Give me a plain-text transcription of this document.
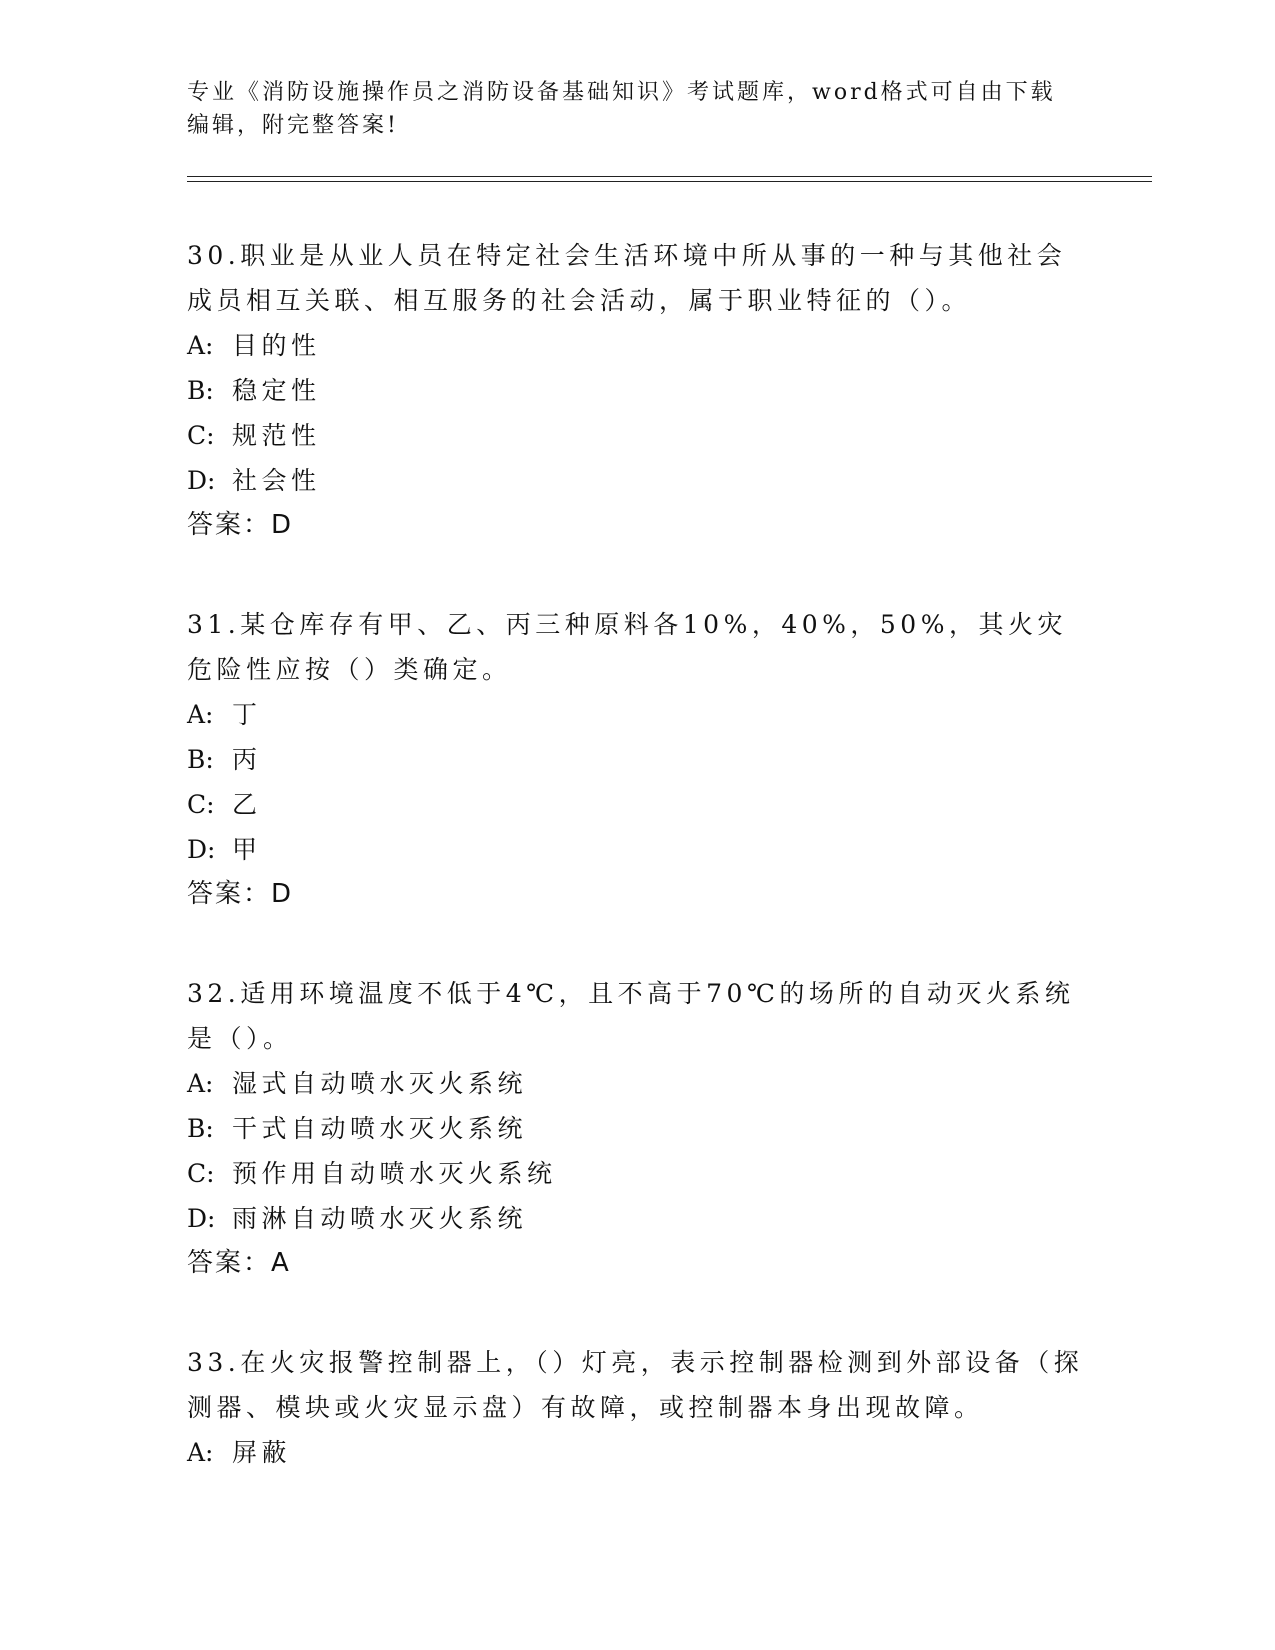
专业《消防设施操作员之消防设备基础知识》考试题库，word格式可自由下载编辑，附完整答案!

30.职业是从业人员在特定社会生活环境中所从事的一种与其他社会成员相互关联、相互服务的社会活动，属于职业特征的（）。

A: 目的性
B: 稳定性
C: 规范性
D: 社会性
答案：D

31.某仓库存有甲、乙、丙三种原料各10%，40%，50%，其火灾危险性应按（）类确定。

A: 丁
B: 丙
C: 乙
D: 甲
答案：D

32.适用环境温度不低于4℃，且不高于70℃的场所的自动灭火系统是（）。

A: 湿式自动喷水灭火系统
B: 干式自动喷水灭火系统
C: 预作用自动喷水灭火系统
D: 雨淋自动喷水灭火系统
答案：A

33.在火灾报警控制器上，（）灯亮，表示控制器检测到外部设备（探测器、模块或火灾显示盘）有故障，或控制器本身出现故障。

A: 屏蔽
